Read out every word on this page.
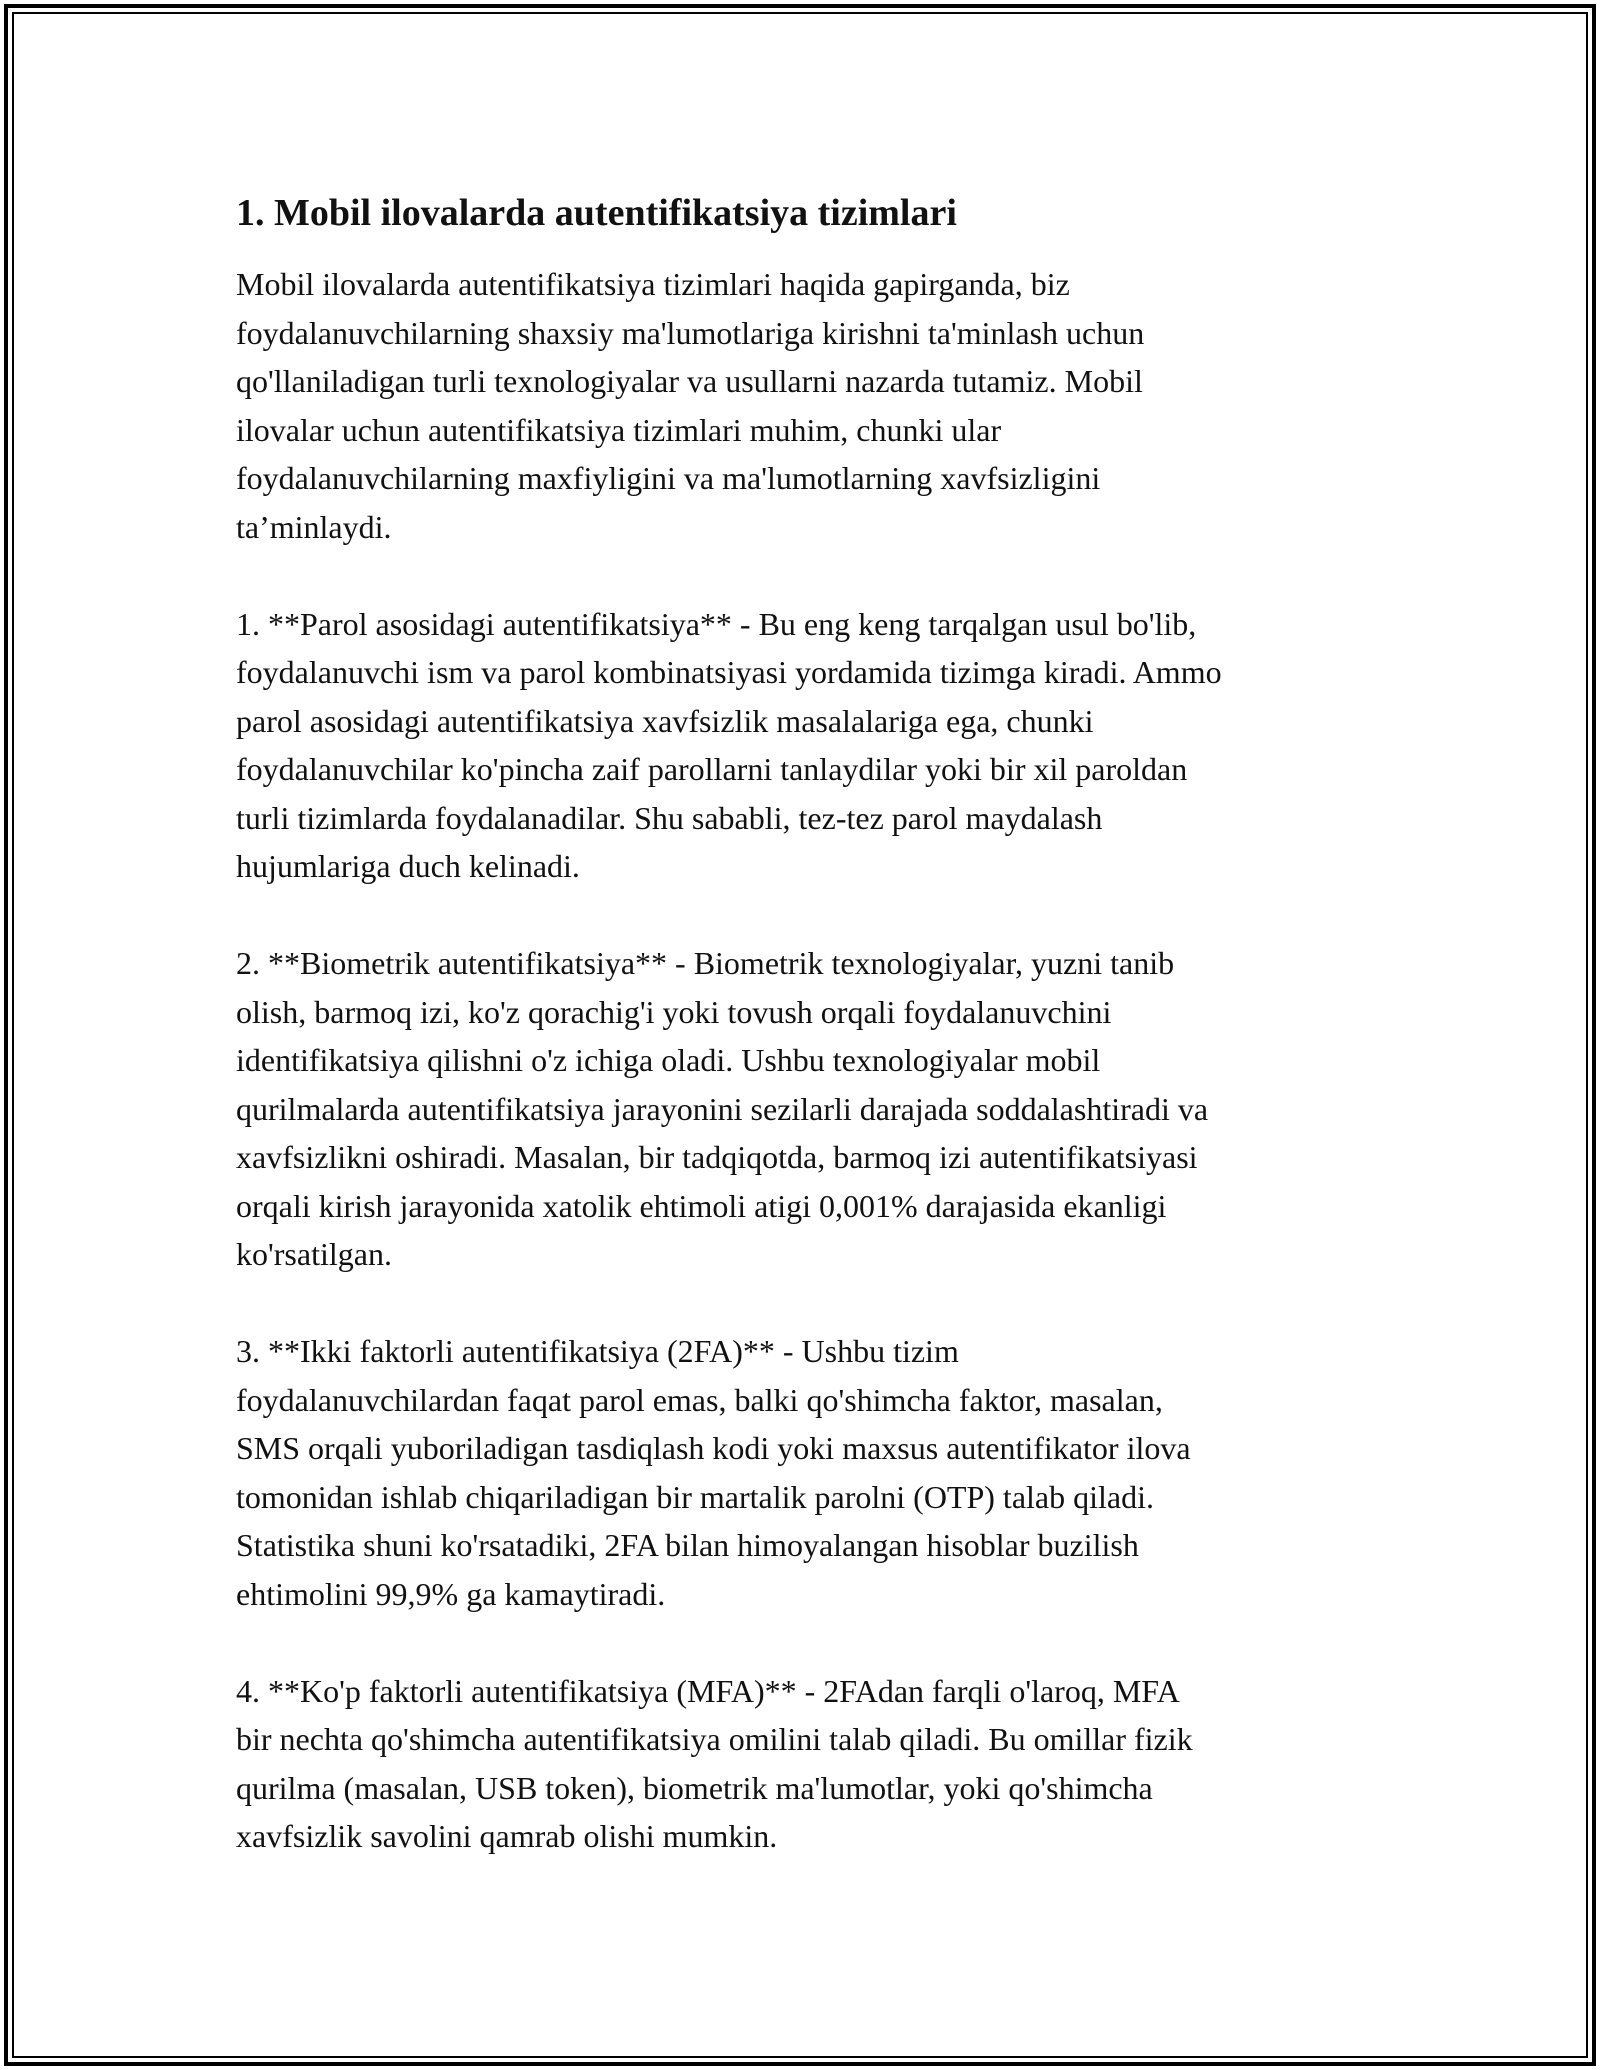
1. Mobil ilovalarda autentifikatsiya tizimlari

Mobil ilovalarda autentifikatsiya tizimlari haqida gapirganda, biz
foydalanuvchilarning shaxsiy ma'lumotlariga kirishni ta'minlash uchun
qo'llaniladigan turli texnologiyalar va usullarni nazarda tutamiz. Mobil
ilovalar uchun autentifikatsiya tizimlari muhim, chunki ular
foydalanuvchilarning maxfiyligini va ma'lumotlarning xavfsizligini
ta’minlaydi.

1. **Parol asosidagi autentifikatsiya** - Bu eng keng tarqalgan usul bo'lib,
foydalanuvchi ism va parol kombinatsiyasi yordamida tizimga kiradi. Ammo
parol asosidagi autentifikatsiya xavfsizlik masalalariga ega, chunki
foydalanuvchilar ko'pincha zaif parollarni tanlaydilar yoki bir xil paroldan
turli tizimlarda foydalanadilar. Shu sababli, tez-tez parol maydalash
hujumlariga duch kelinadi.

2. **Biometrik autentifikatsiya** - Biometrik texnologiyalar, yuzni tanib
olish, barmoq izi, ko'z qorachig'i yoki tovush orqali foydalanuvchini
identifikatsiya qilishni o'z ichiga oladi. Ushbu texnologiyalar mobil
qurilmalarda autentifikatsiya jarayonini sezilarli darajada soddalashtiradi va
xavfsizlikni oshiradi. Masalan, bir tadqiqotda, barmoq izi autentifikatsiyasi
orqali kirish jarayonida xatolik ehtimoli atigi 0,001% darajasida ekanligi
ko'rsatilgan.

3. **Ikki faktorli autentifikatsiya (2FA)** - Ushbu tizim
foydalanuvchilardan faqat parol emas, balki qo'shimcha faktor, masalan,
SMS orqali yuboriladigan tasdiqlash kodi yoki maxsus autentifikator ilova
tomonidan ishlab chiqariladigan bir martalik parolni (OTP) talab qiladi.
Statistika shuni ko'rsatadiki, 2FA bilan himoyalangan hisoblar buzilish
ehtimolini 99,9% ga kamaytiradi.

4. **Ko'p faktorli autentifikatsiya (MFA)** - 2FAdan farqli o'laroq, MFA
bir nechta qo'shimcha autentifikatsiya omilini talab qiladi. Bu omillar fizik
qurilma (masalan, USB token), biometrik ma'lumotlar, yoki qo'shimcha
xavfsizlik savolini qamrab olishi mumkin.
